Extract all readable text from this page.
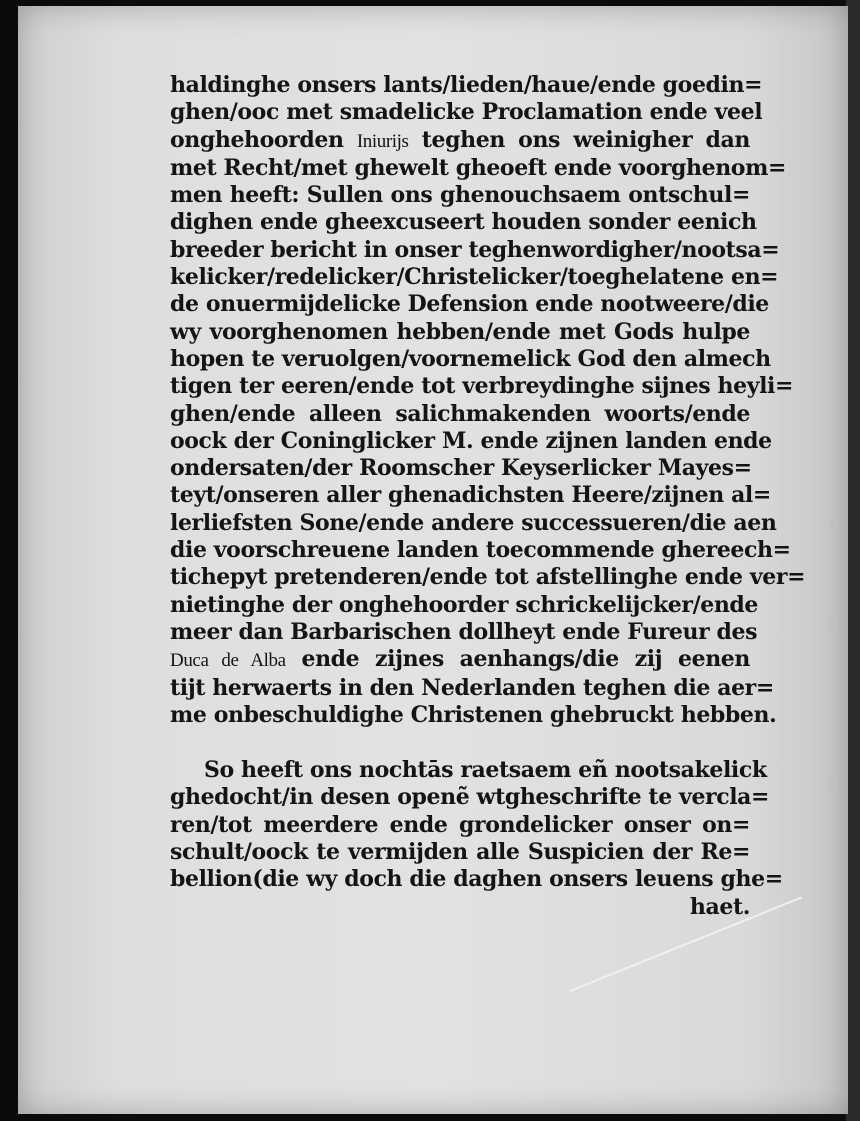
haldinghe onsers lants/lieden/haue/ende goedin=
ghen/ooc met smadelicke Proclamation ende veel
onghehoorden Iniurijs teghen ons weinigher dan
met Recht/met ghewelt gheoeft ende voorghenom=
men heeft: Sullen ons ghenouchsaem ontschul=
dighen ende gheexcuseert houden sonder eenich
breeder bericht in onser teghenwordigher/nootsa=
kelicker/redelicker/Christelicker/toeghelatene en=
de onuermijdelicke Defension ende nootweere/die
wy voorghenomen hebben/ende met Gods hulpe
hopen te veruolgen/voornemelick God den almech
tigen ter eeren/ende tot verbreydinghe sijnes heyli=
ghen/ende alleen salichmakenden woorts/ende
oock der Coninglicker M. ende zijnen landen ende
ondersaten/der Roomscher Keyserlicker Mayes=
teyt/onseren aller ghenadichsten Heere/zijnen al=
lerliefsten Sone/ende andere successueren/die aen
die voorschreuene landen toecommende ghereech=
tichepyt pretenderen/ende tot afstellinghe ende ver=
nietinghe der onghehoorder schrickelijcker/ende
meer dan Barbarischen dollheyt ende Fureur des
Duca de Alba ende zijnes aenhangs/die zij eenen
tijt herwaerts in den Nederlanden teghen die aer=
me onbeschuldighe Christenen ghebruckt hebben.
So heeft ons nochtās raetsaem eñ nootsakelick
ghedocht/in desen openẽ wtgheschrifte te vercla=
ren/tot meerdere ende grondelicker onser on=
schult/oock te vermijden alle Suspicien der Re=
bellion(die wy doch die daghen onsers leuens ghe=
haet.
